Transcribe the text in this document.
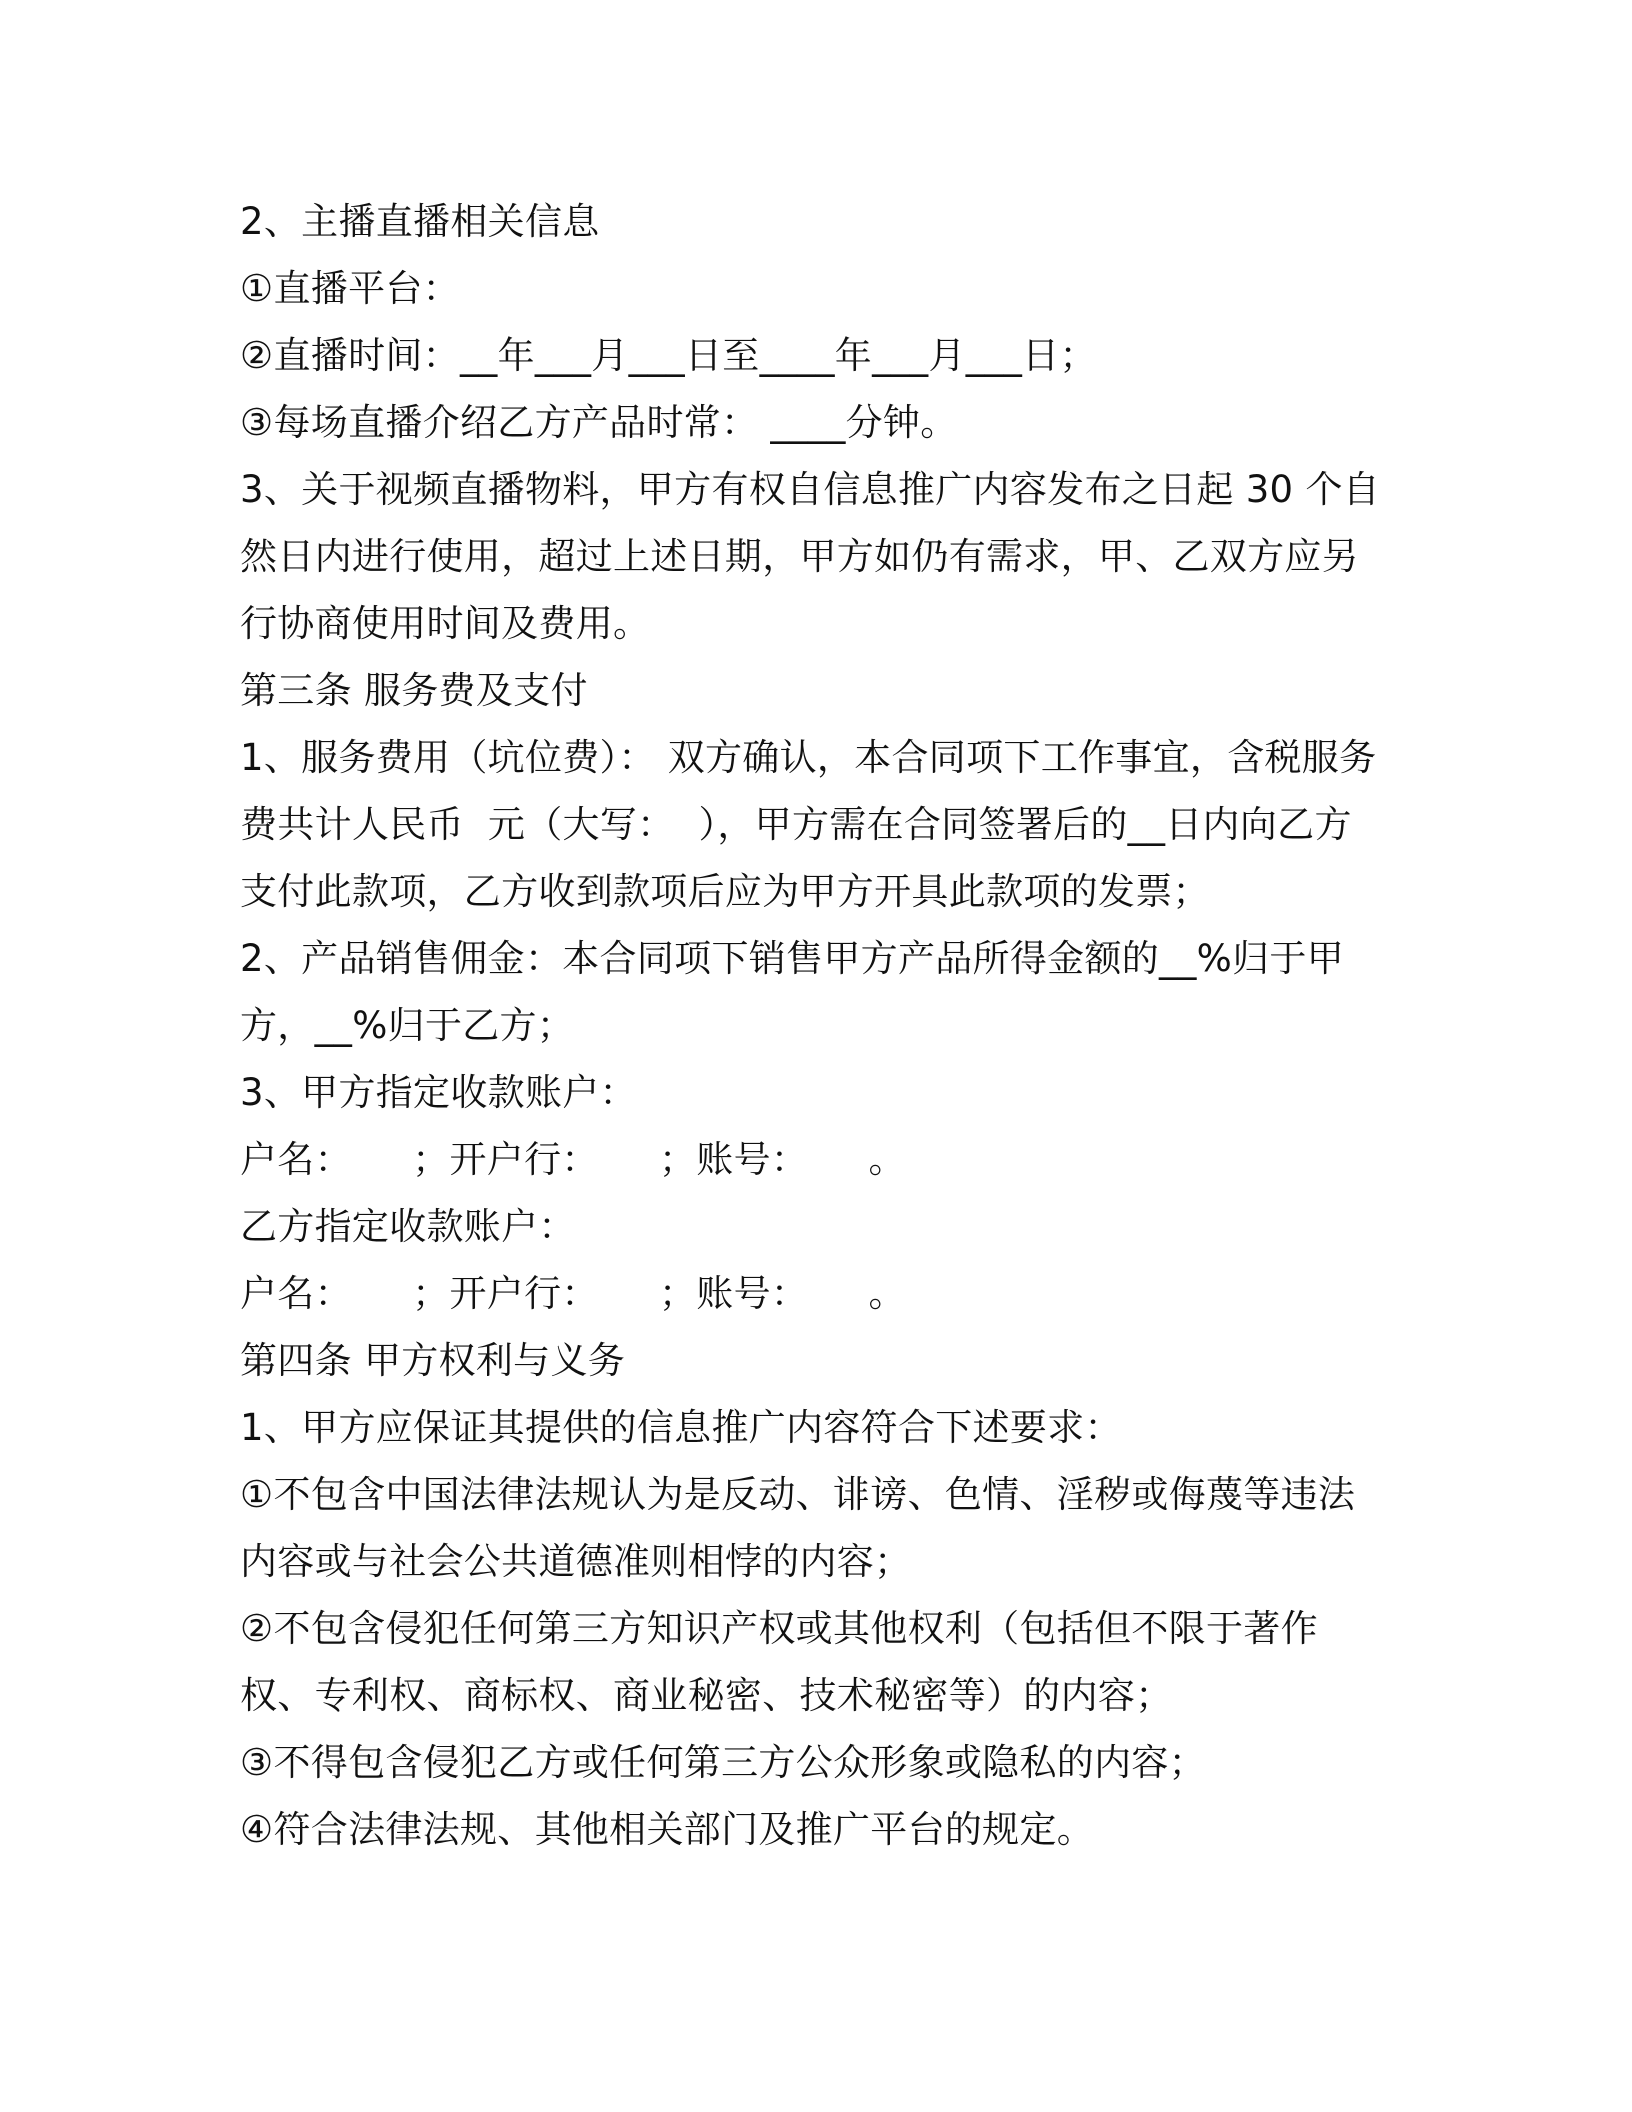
2、主播直播相关信息

①直播平台：

②直播时间：__年___月___日至____年___月___日；

③每场直播介绍乙方产品时常： ____分钟。

3、关于视频直播物料，甲方有权自信息推广内容发布之日起 30 个自

然日内进行使用，超过上述日期，甲方如仍有需求，甲、乙双方应另

行协商使用时间及费用。

第三条 服务费及支付

1、服务费用（坑位费）： 双方确认，本合同项下工作事宜，含税服务

费共计人民币  元（大写：  ），甲方需在合同签署后的__日内向乙方

支付此款项，乙方收到款项后应为甲方开具此款项的发票；

2、产品销售佣金：本合同项下销售甲方产品所得金额的__%归于甲

方，__%归于乙方；

3、甲方指定收款账户：

户名：     ；开户行：     ；账号：     。

乙方指定收款账户：

户名：     ；开户行：     ；账号：     。

第四条 甲方权利与义务

1、甲方应保证其提供的信息推广内容符合下述要求：

①不包含中国法律法规认为是反动、诽谤、色情、淫秽或侮蔑等违法

内容或与社会公共道德准则相悖的内容；

②不包含侵犯任何第三方知识产权或其他权利（包括但不限于著作

权、专利权、商标权、商业秘密、技术秘密等）的内容；

③不得包含侵犯乙方或任何第三方公众形象或隐私的内容；

④符合法律法规、其他相关部门及推广平台的规定。
